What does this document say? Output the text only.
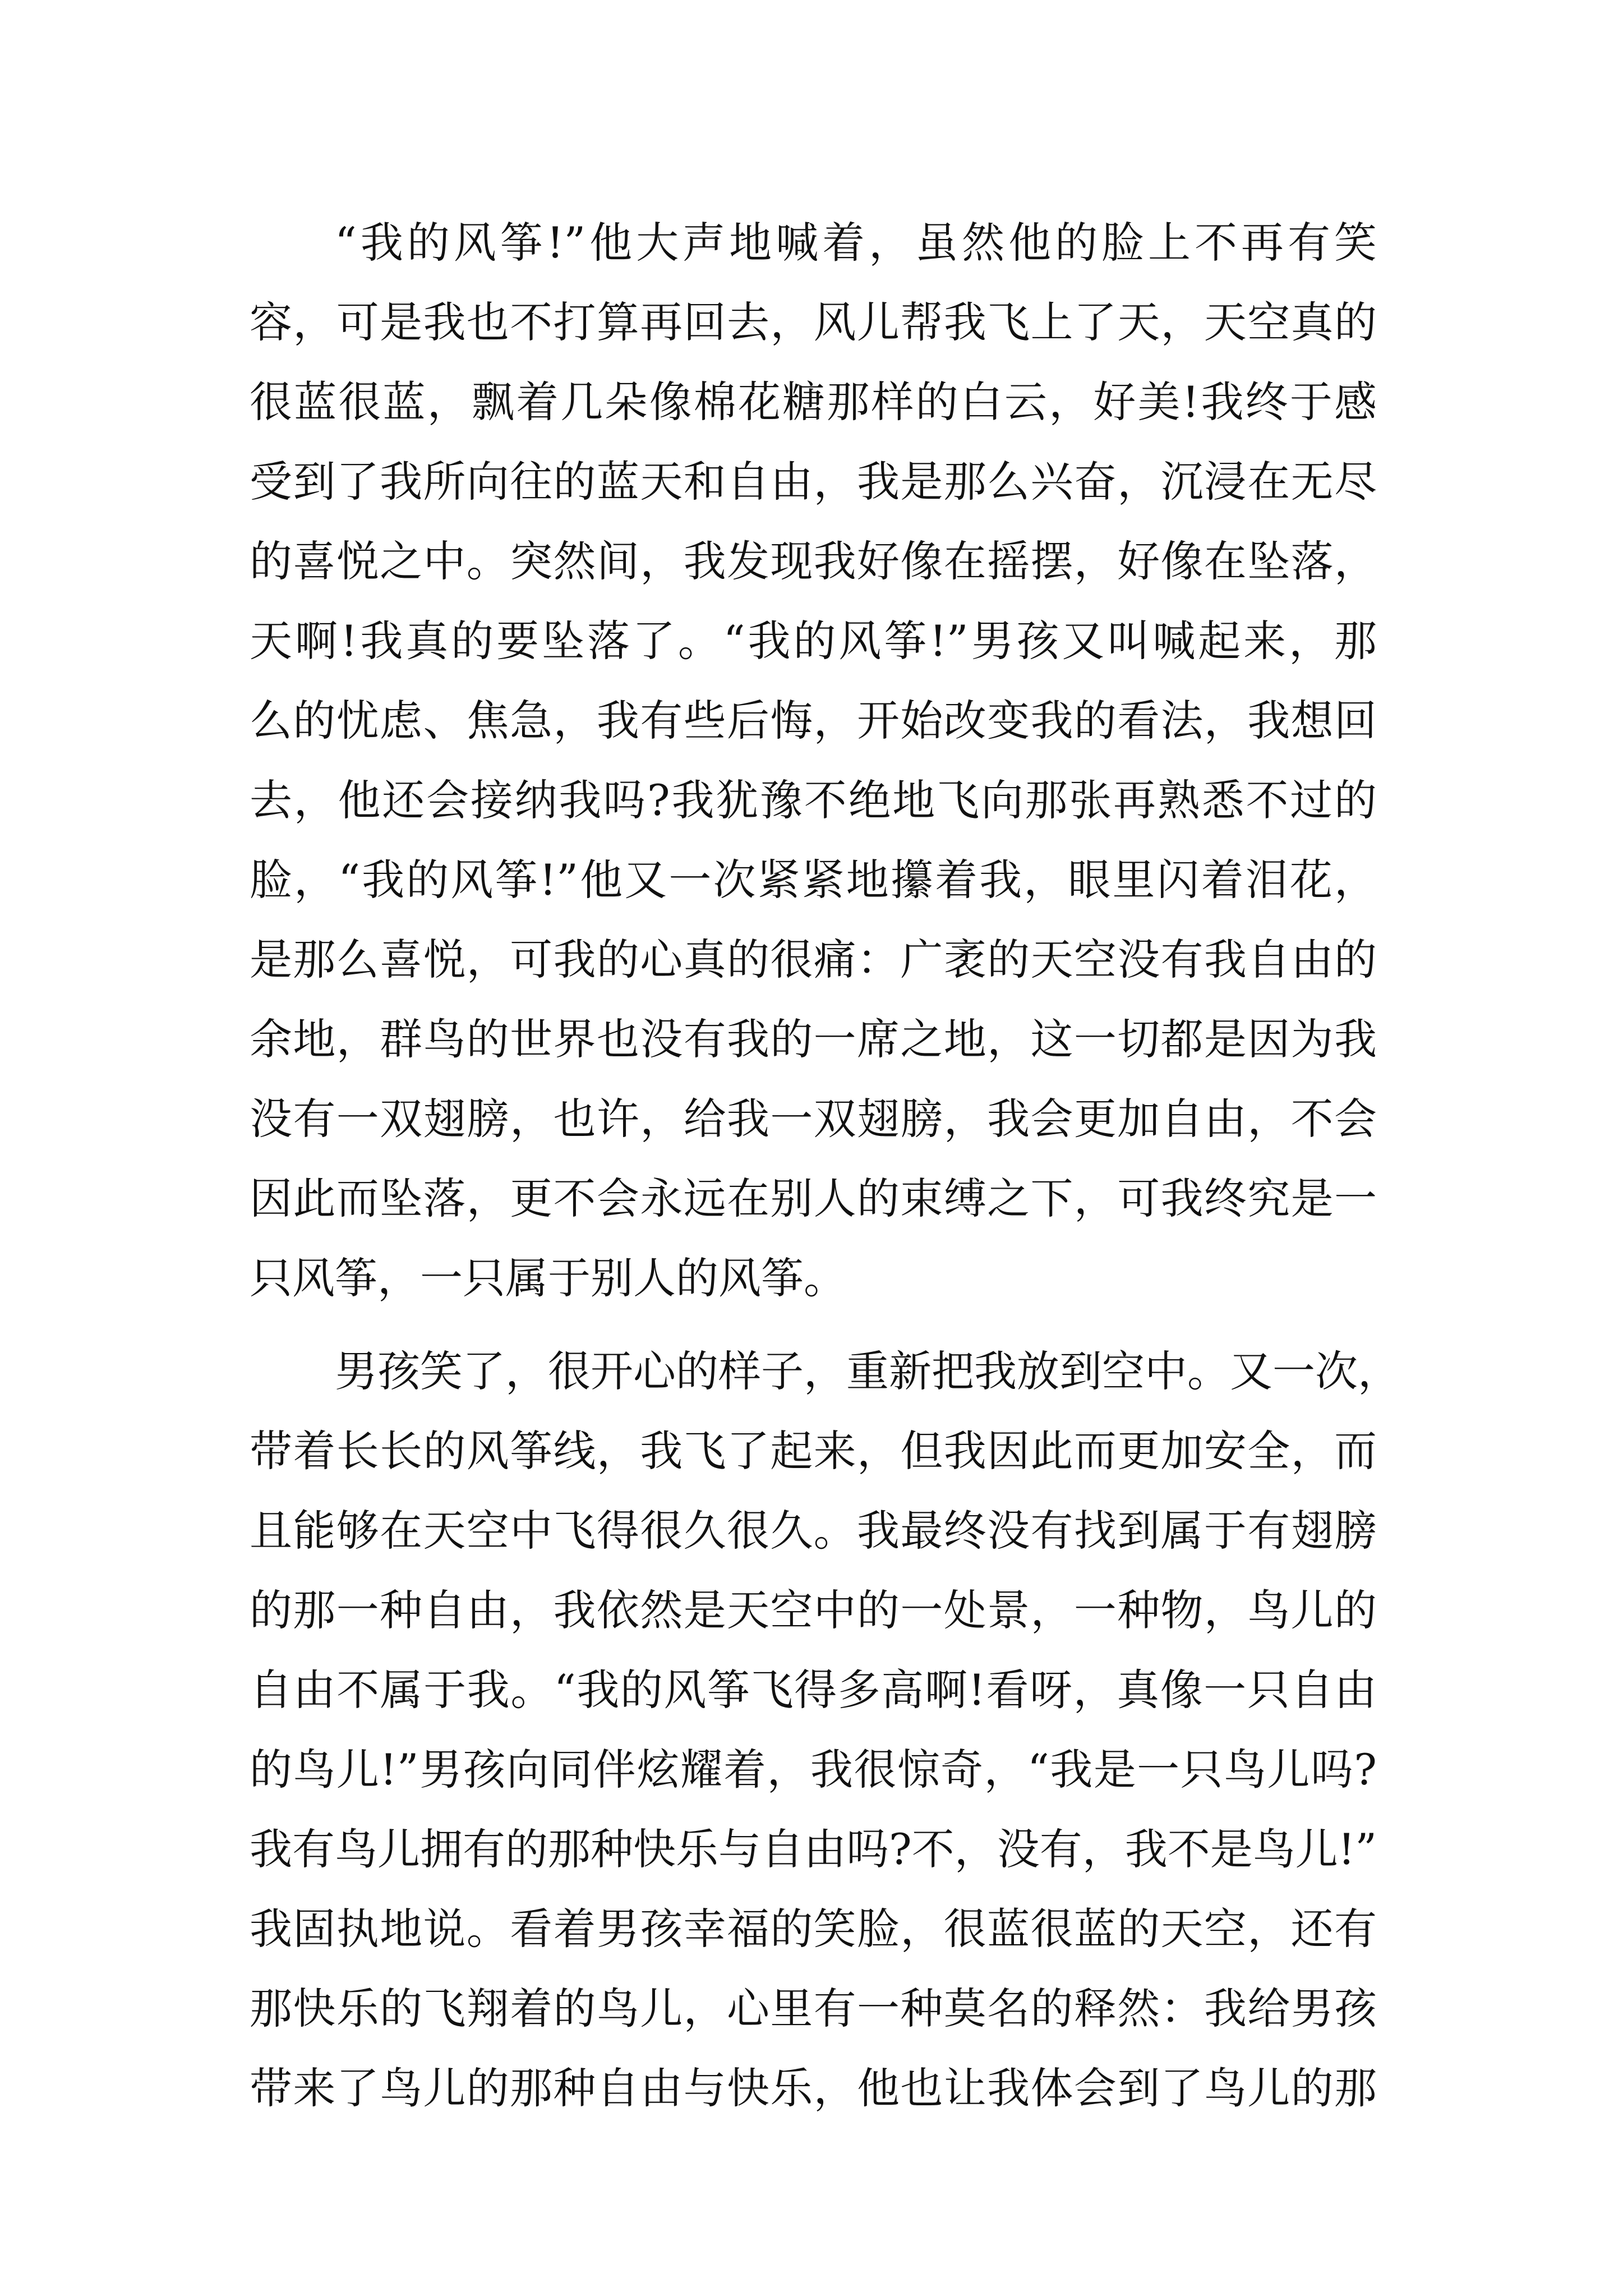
“我的风筝!”他大声地喊着，虽然他的脸上不再有笑
容，可是我也不打算再回去，风儿帮我飞上了天，天空真的
很蓝很蓝，飘着几朵像棉花糖那样的白云，好美!我终于感
受到了我所向往的蓝天和自由，我是那么兴奋，沉浸在无尽
的喜悦之中。突然间，我发现我好像在摇摆，好像在坠落，
天啊!我真的要坠落了。“我的风筝!”男孩又叫喊起来，那
么的忧虑、焦急，我有些后悔，开始改变我的看法，我想回
去，他还会接纳我吗?我犹豫不绝地飞向那张再熟悉不过的
脸，“我的风筝!”他又一次紧紧地攥着我，眼里闪着泪花，
是那么喜悦，可我的心真的很痛：广袤的天空没有我自由的
余地，群鸟的世界也没有我的一席之地，这一切都是因为我
没有一双翅膀，也许，给我一双翅膀，我会更加自由，不会
因此而坠落，更不会永远在别人的束缚之下，可我终究是一
只风筝，一只属于别人的风筝。
男孩笑了，很开心的样子，重新把我放到空中。又一次，
带着长长的风筝线，我飞了起来，但我因此而更加安全，而
且能够在天空中飞得很久很久。我最终没有找到属于有翅膀
的那一种自由，我依然是天空中的一处景，一种物，鸟儿的
自由不属于我。“我的风筝飞得多高啊!看呀，真像一只自由
的鸟儿!”男孩向同伴炫耀着，我很惊奇，“我是一只鸟儿吗?
我有鸟儿拥有的那种快乐与自由吗?不，没有，我不是鸟儿!”
我固执地说。看着男孩幸福的笑脸，很蓝很蓝的天空，还有
那快乐的飞翔着的鸟儿，心里有一种莫名的释然：我给男孩
带来了鸟儿的那种自由与快乐，他也让我体会到了鸟儿的那
